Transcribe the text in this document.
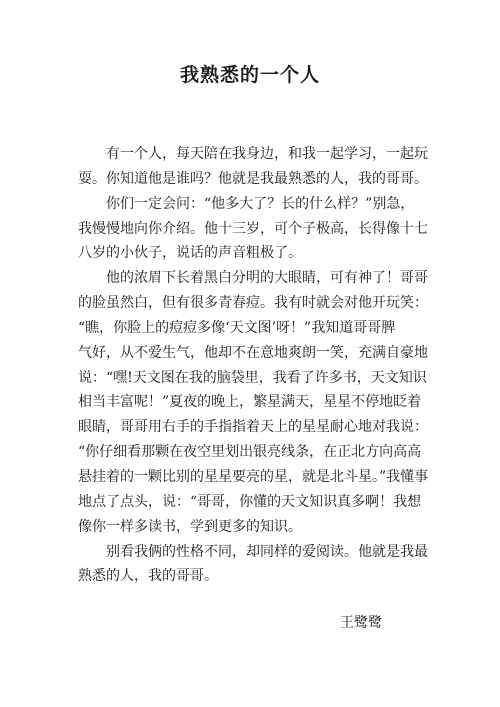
我熟悉的一个人
有一个人，每天陪在我身边，和我一起学习，一起玩
耍。你知道他是谁吗？他就是我最熟悉的人，我的哥哥。
你们一定会问：“他多大了？长的什么样？”别急，
我慢慢地向你介绍。他十三岁，可个子极高，长得像十七
八岁的小伙子，说话的声音粗极了。
他的浓眉下长着黑白分明的大眼睛，可有神了！哥哥
的脸虽然白，但有很多青春痘。我有时就会对他开玩笑：
“瞧，你脸上的痘痘多像‘天文图’呀！”我知道哥哥脾
气好，从不爱生气，他却不在意地爽朗一笑，充满自豪地
说：“嘿!天文图在我的脑袋里，我看了许多书，天文知识
相当丰富呢！”夏夜的晚上，繁星满天，星星不停地眨着
眼睛，哥哥用右手的手指指着天上的星星耐心地对我说：
“你仔细看那颗在夜空里划出银亮线条，在正北方向高高
悬挂着的一颗比别的星星要亮的星，就是北斗星。”我懂事
地点了点头，说：“哥哥，你懂的天文知识真多啊！我想
像你一样多读书，学到更多的知识。
别看我俩的性格不同，却同样的爱阅读。他就是我最
熟悉的人，我的哥哥。
王鹭鹭
